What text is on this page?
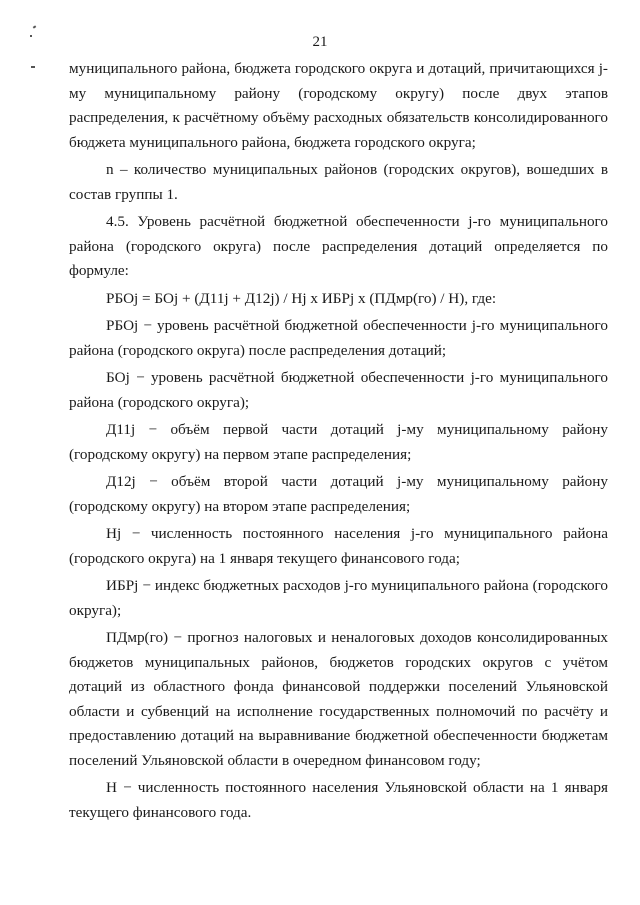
21

муниципального района, бюджета городского округа и дотаций, причитающихся j-му муниципальному району (городскому округу) после двух этапов распределения, к расчётному объёму расходных обязательств консолидированного бюджета муниципального района, бюджета городского округа;

n – количество муниципальных районов (городских округов), вошедших в состав группы 1.

4.5. Уровень расчётной бюджетной обеспеченности j-го муниципального района (городского округа) после распределения дотаций определяется по формуле:

РБОj = БОj + (Д11j + Д12j) / Hj х ИБРj х (ПДмр(го) / Н), где:

РБОj − уровень расчётной бюджетной обеспеченности j-го муниципального района (городского округа) после распределения дотаций;

БОj − уровень расчётной бюджетной обеспеченности j-го муниципального района (городского округа);

Д11j − объём первой части дотаций j-му муниципальному району (городскому округу) на первом этапе распределения;

Д12j − объём второй части дотаций j-му муниципальному району (городскому округу) на втором этапе распределения;

Нj − численность постоянного населения j-го муниципального района (городского округа) на 1 января текущего финансового года;

ИБРj − индекс бюджетных расходов j-го муниципального района (городского округа);

ПДмр(го) − прогноз налоговых и неналоговых доходов консолидированных бюджетов муниципальных районов, бюджетов городских округов с учётом дотаций из областного фонда финансовой поддержки поселений Ульяновской области и субвенций на исполнение государственных полномочий по расчёту и предоставлению дотаций на выравнивание бюджетной обеспеченности бюджетам поселений Ульяновской области в очередном финансовом году;

Н − численность постоянного населения Ульяновской области на 1 января текущего финансового года.
